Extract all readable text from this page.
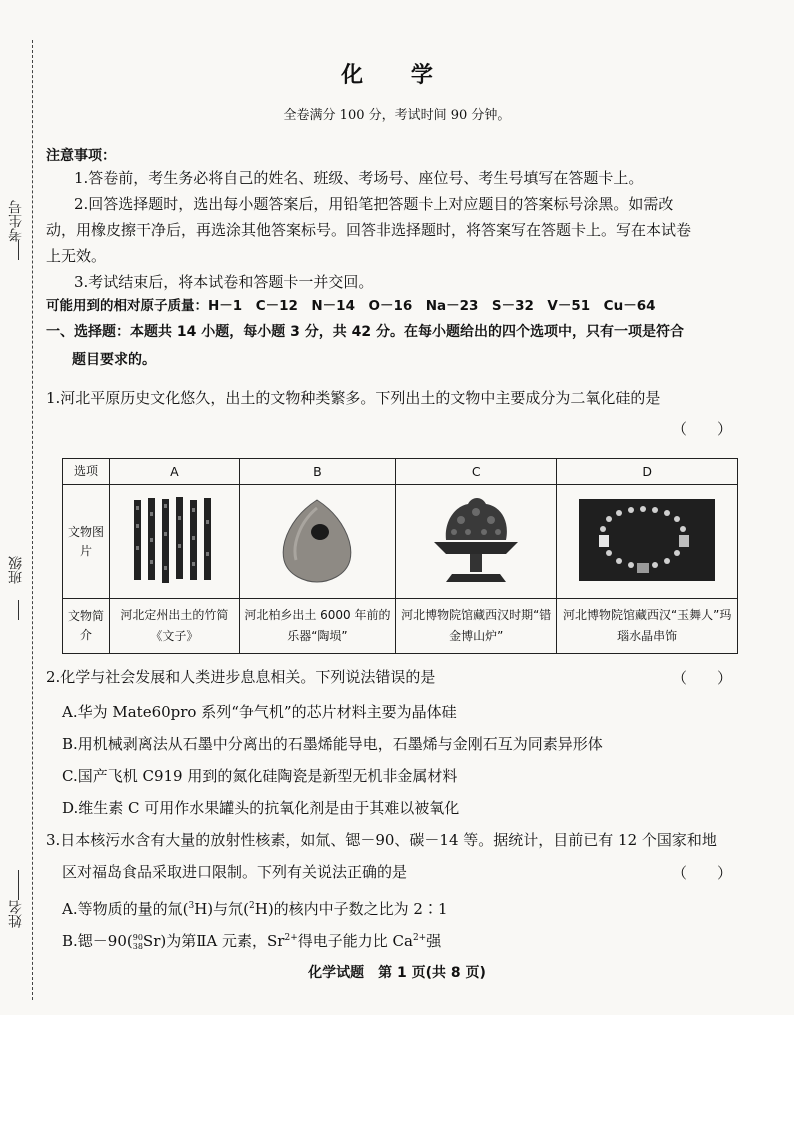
考生号
班级
姓名
化 学
全卷满分 100 分，考试时间 90 分钟。
注意事项：
1.答卷前，考生务必将自己的姓名、班级、考场号、座位号、考生号填写在答题卡上。
2.回答选择题时，选出每小题答案后，用铅笔把答题卡上对应题目的答案标号涂黑。如需改
动，用橡皮擦干净后，再选涂其他答案标号。回答非选择题时，将答案写在答题卡上。写在本试卷
上无效。
3.考试结束后，将本试卷和答题卡一并交回。
可能用到的相对原子质量：H－1　C－12　N－14　O－16　Na－23　S－32　V－51　Cu－64
一、选择题：本题共 14 小题，每小题 3 分，共 42 分。在每小题给出的四个选项中，只有一项是符合
题目要求的。
1.河北平原历史文化悠久，出土的文物种类繁多。下列出土的文物中主要成分为二氧化硅的是
（　　）
选项	A	B	C	D
文物图片				
文物简介	河北定州出土的竹简《文子》	河北柏乡出土 6000 年前的乐器“陶埙”	河北博物院馆藏西汉时期“错金博山炉”	河北博物院馆藏西汉“玉舞人”玛瑙水晶串饰
2.化学与社会发展和人类进步息息相关。下列说法错误的是	（　　）
A.华为 Mate60pro 系列“争气机”的芯片材料主要为晶体硅
B.用机械剥离法从石墨中分离出的石墨烯能导电，石墨烯与金刚石互为同素异形体
C.国产飞机 C919 用到的氮化硅陶瓷是新型无机非金属材料
D.维生素 C 可用作水果罐头的抗氧化剂是由于其难以被氧化
3.日本核污水含有大量的放射性核素，如氚、锶－90、碳－14 等。据统计，目前已有 12 个国家和地
区对福岛食品采取进口限制。下列有关说法正确的是	（　　）
A.等物质的量的氚($^3$H)与氘($^2$H)的核内中子数之比为 2∶1
B.锶－90( 90
38 Sr)为第ⅡA 元素，$Sr^{2+}$得电子能力比 $Ca^{2+}$强
化学试题　第 1 页(共 8 页)
